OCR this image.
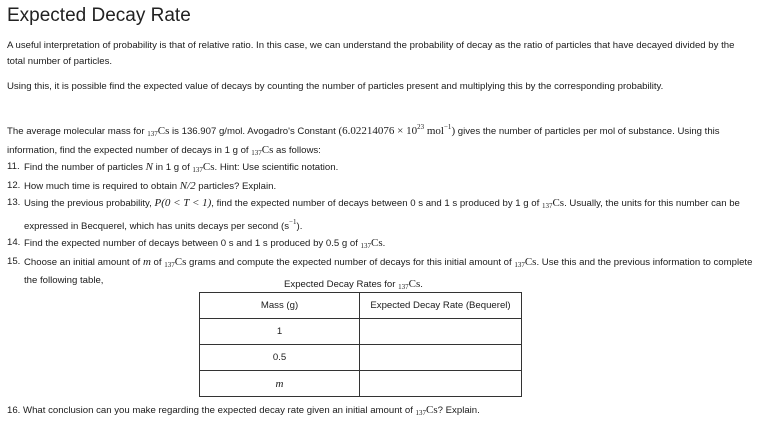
Expected Decay Rate

A useful interpretation of probability is that of relative ratio. In this case, we can understand the probability of decay as the ratio of particles that have decayed divided by the total number of particles.

Using this, it is possible find the expected value of decays by counting the number of particles present and multiplying this by the corresponding probability.

The average molecular mass for $_{137}$Cs is 136.907 g/mol. Avogadro's Constant ($6.02214076 \times 10^{23}$ mol$^{-1}$) gives the number of particles per mol of substance. Using this information, find the expected number of decays in 1 g of $_{137}$Cs as follows:

11. Find the number of particles N in 1 g of $_{137}$Cs. Hint: Use scientific notation.
12. How much time is required to obtain N/2 particles? Explain.
13. Using the previous probability, P(0 < T < 1), find the expected number of decays between 0 s and 1 s produced by 1 g of $_{137}$Cs. Usually, the units for this number can be expressed in Becquerel, which has units decays per second $(s^{-1})$.
14. Find the expected number of decays between 0 s and 1 s produced by 0.5 g of $_{137}$Cs.
15. Choose an initial amount of m of $_{137}$Cs grams and compute the expected number of decays for this initial amount of $_{137}$Cs. Use this and the previous information to complete the following table,	Expected Decay Rates for $_{137}$Cs.
Mass (g)	Expected Decay Rate (Bequerel)
1	
0.5	
m	
16. What conclusion can you make regarding the expected decay rate given an initial amount of $_{137}$Cs? Explain.
